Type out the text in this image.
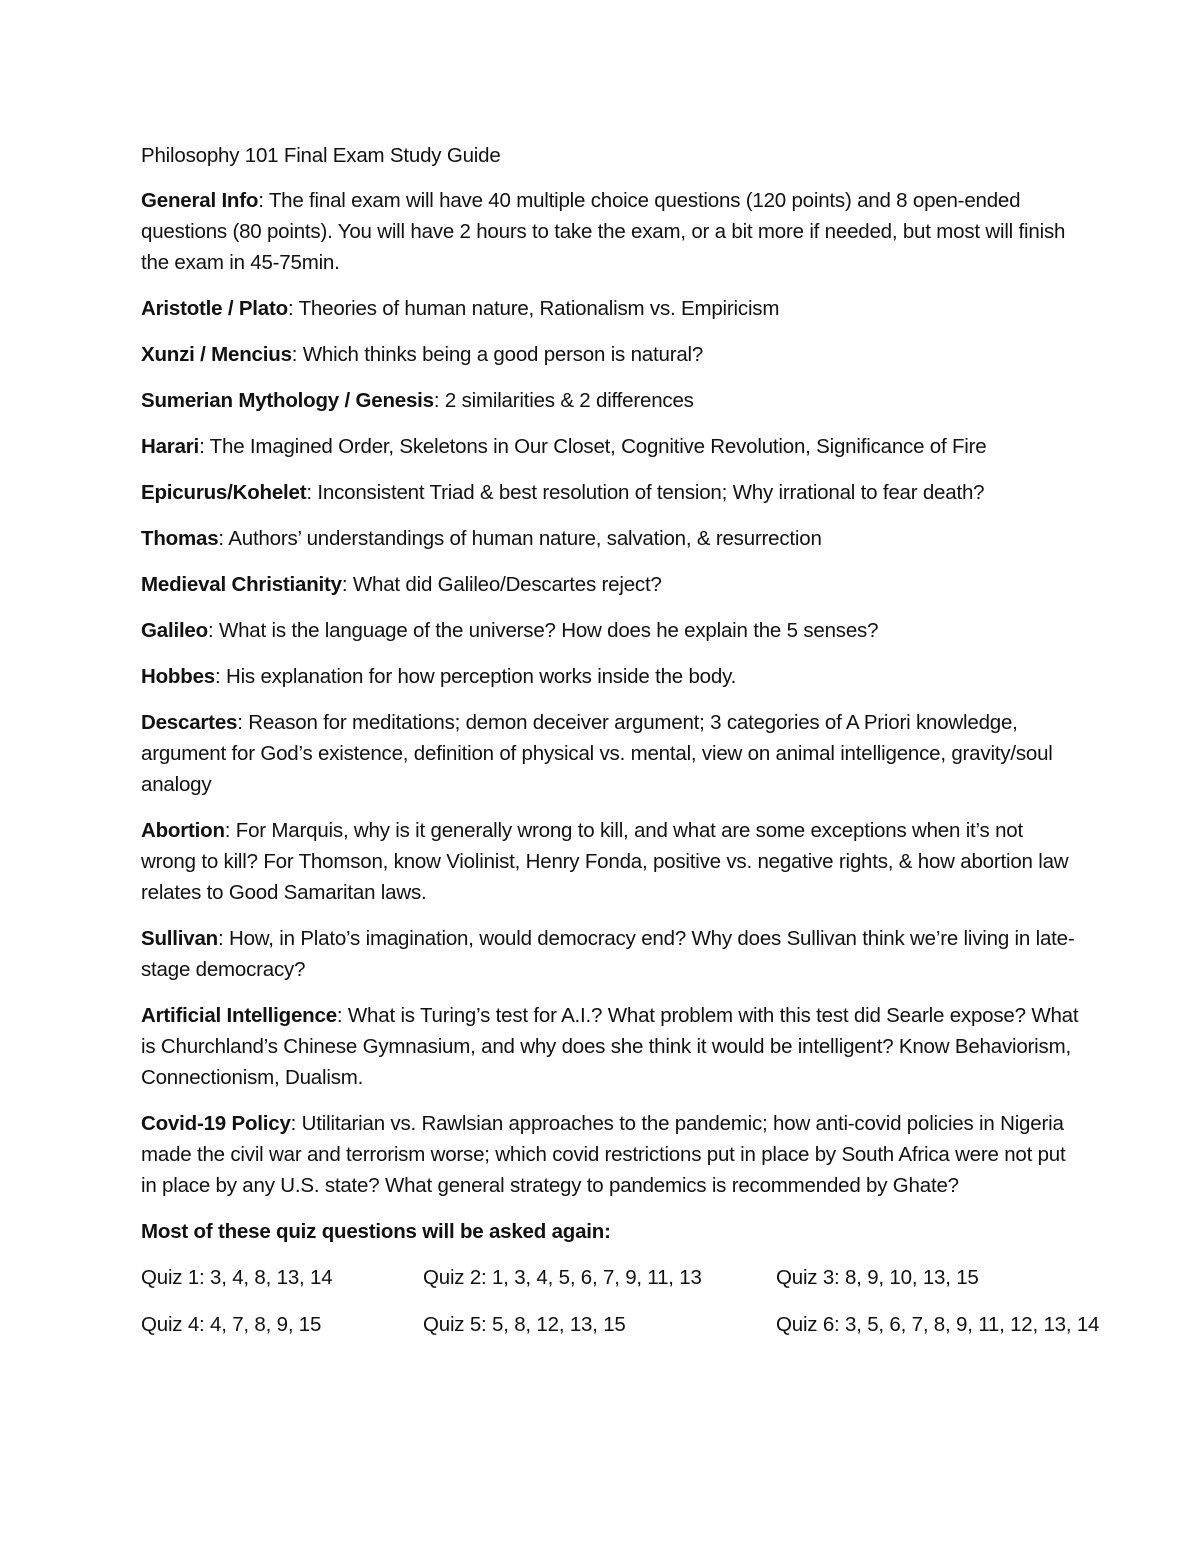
Philosophy 101 Final Exam Study Guide
General Info: The final exam will have 40 multiple choice questions (120 points) and 8 open-ended questions (80 points). You will have 2 hours to take the exam, or a bit more if needed, but most will finish the exam in 45-75min.
Aristotle / Plato: Theories of human nature, Rationalism vs. Empiricism
Xunzi / Mencius: Which thinks being a good person is natural?
Sumerian Mythology / Genesis: 2 similarities & 2 differences
Harari: The Imagined Order, Skeletons in Our Closet, Cognitive Revolution, Significance of Fire
Epicurus/Kohelet: Inconsistent Triad & best resolution of tension; Why irrational to fear death?
Thomas: Authors’ understandings of human nature, salvation, & resurrection
Medieval Christianity: What did Galileo/Descartes reject?
Galileo: What is the language of the universe? How does he explain the 5 senses?
Hobbes: His explanation for how perception works inside the body.
Descartes: Reason for meditations; demon deceiver argument; 3 categories of A Priori knowledge, argument for God’s existence, definition of physical vs. mental, view on animal intelligence, gravity/soul analogy
Abortion: For Marquis, why is it generally wrong to kill, and what are some exceptions when it’s not wrong to kill? For Thomson, know Violinist, Henry Fonda, positive vs. negative rights, & how abortion law relates to Good Samaritan laws.
Sullivan: How, in Plato’s imagination, would democracy end? Why does Sullivan think we’re living in late-stage democracy?
Artificial Intelligence: What is Turing’s test for A.I.? What problem with this test did Searle expose? What is Churchland’s Chinese Gymnasium, and why does she think it would be intelligent? Know Behaviorism, Connectionism, Dualism.
Covid-19 Policy: Utilitarian vs. Rawlsian approaches to the pandemic; how anti-covid policies in Nigeria made the civil war and terrorism worse; which covid restrictions put in place by South Africa were not put in place by any U.S. state? What general strategy to pandemics is recommended by Ghate?
Most of these quiz questions will be asked again:
Quiz 1: 3, 4, 8, 13, 14	Quiz 2: 1, 3, 4, 5, 6, 7, 9, 11, 13	Quiz 3: 8, 9, 10, 13, 15
Quiz 4: 4, 7, 8, 9, 15	Quiz 5: 5, 8, 12, 13, 15	Quiz 6: 3, 5, 6, 7, 8, 9, 11, 12, 13, 14
